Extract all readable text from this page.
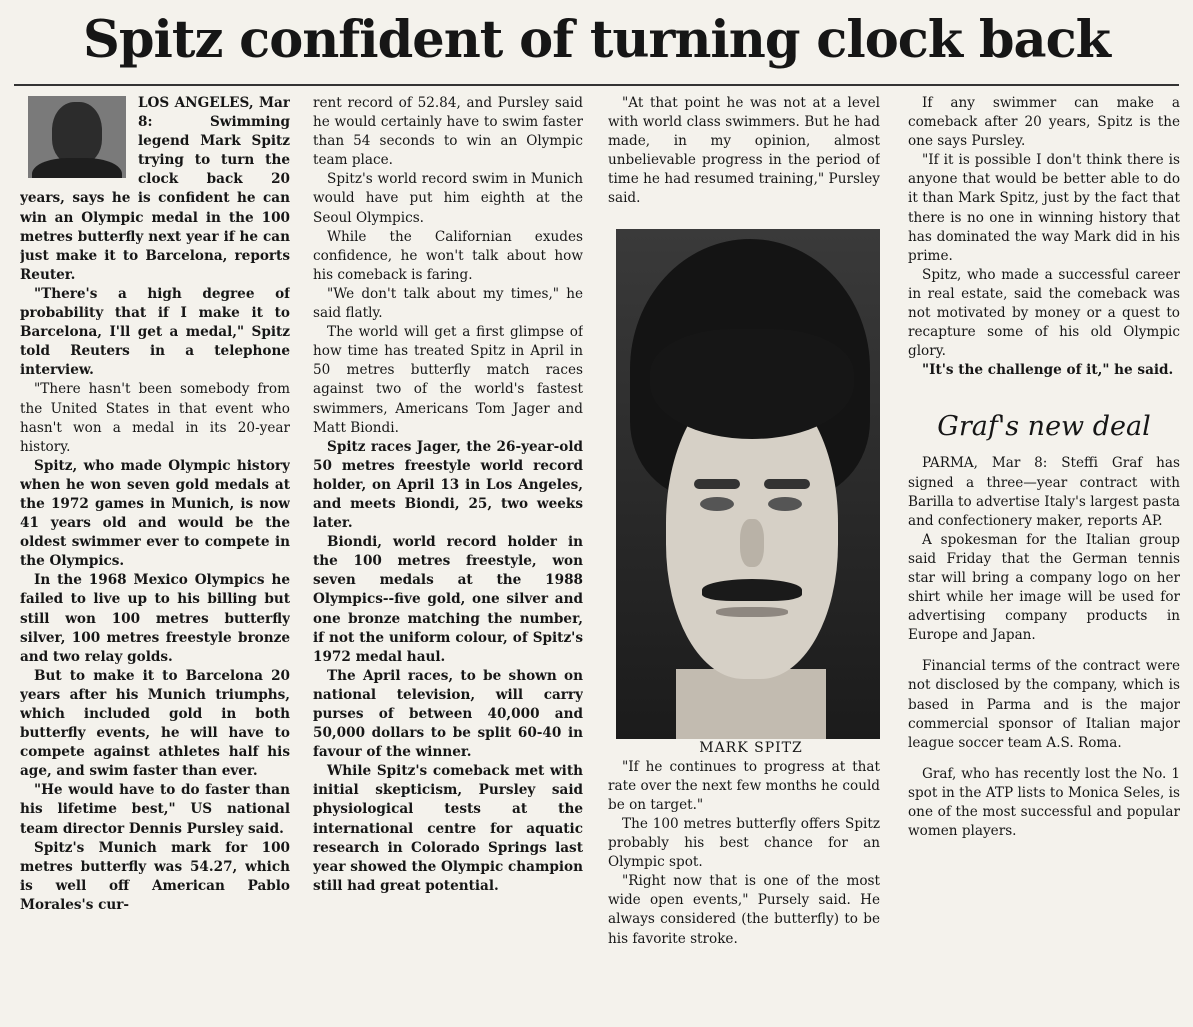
Spitz confident of turning clock back

LOS ANGELES, Mar 8: Swimming legend Mark Spitz trying to turn the clock back 20 years, says he is confident he can win an Olympic medal in the 100 metres butterfly next year if he can just make it to Barcelona, reports Reuter.

"There's a high degree of probability that if I make it to Barcelona, I'll get a medal," Spitz told Reuters in a telephone interview.

"There hasn't been somebody from the United States in that event who hasn't won a medal in its 20-year history.

Spitz, who made Olympic history when he won seven gold medals at the 1972 games in Munich, is now 41 years old and would be the oldest swimmer ever to compete in the Olympics.

In the 1968 Mexico Olympics he failed to live up to his billing but still won 100 metres butterfly silver, 100 metres freestyle bronze and two relay golds.

But to make it to Barcelona 20 years after his Munich triumphs, which included gold in both butterfly events, he will have to compete against athletes half his age, and swim faster than ever.

"He would have to do faster than his lifetime best," US national team director Dennis Pursley said.

Spitz's Munich mark for 100 metres butterfly was 54.27, which is well off American Pablo Morales's cur-

rent record of 52.84, and Pursley said he would certainly have to swim faster than 54 seconds to win an Olympic team place.

Spitz's world record swim in Munich would have put him eighth at the Seoul Olympics.

While the Californian exudes confidence, he won't talk about how his comeback is faring.

"We don't talk about my times," he said flatly.

The world will get a first glimpse of how time has treated Spitz in April in 50 metres butterfly match races against two of the world's fastest swimmers, Americans Tom Jager and Matt Biondi.

Spitz races Jager, the 26-year-old 50 metres freestyle world record holder, on April 13 in Los Angeles, and meets Biondi, 25, two weeks later.

Biondi, world record holder in the 100 metres freestyle, won seven medals at the 1988 Olympics--five gold, one silver and one bronze matching the number, if not the uniform colour, of Spitz's 1972 medal haul.

The April races, to be shown on national television, will carry purses of between 40,000 and 50,000 dollars to be split 60-40 in favour of the winner.

While Spitz's comeback met with initial skepticism, Pursley said physiological tests at the international centre for aquatic research in Colorado Springs last year showed the Olympic champion still had great potential.

"At that point he was not at a level with world class swimmers. But he had made, in my opinion, almost unbelievable progress in the period of time he had resumed training," Pursley said.

MARK SPITZ

"If he continues to progress at that rate over the next few months he could be on target."

The 100 metres butterfly offers Spitz probably his best chance for an Olympic spot.

"Right now that is one of the most wide open events," Pursely said. He always considered (the butterfly) to be his favorite stroke.

If any swimmer can make a comeback after 20 years, Spitz is the one says Pursley.

"If it is possible I don't think there is anyone that would be better able to do it than Mark Spitz, just by the fact that there is no one in winning history that has dominated the way Mark did in his prime.

Spitz, who made a successful career in real estate, said the comeback was not motivated by money or a quest to recapture some of his old Olympic glory.

"It's the challenge of it," he said.

Graf's new deal

PARMA, Mar 8: Steffi Graf has signed a three—year contract with Barilla to advertise Italy's largest pasta and confectionery maker, reports AP.

A spokesman for the Italian group said Friday that the German tennis star will bring a company logo on her shirt while her image will be used for advertising company products in Europe and Japan.

Financial terms of the contract were not disclosed by the company, which is based in Parma and is the major commercial sponsor of Italian major league soccer team A.S. Roma.

Graf, who has recently lost the No. 1 spot in the ATP lists to Monica Seles, is one of the most successful and popular women players.
